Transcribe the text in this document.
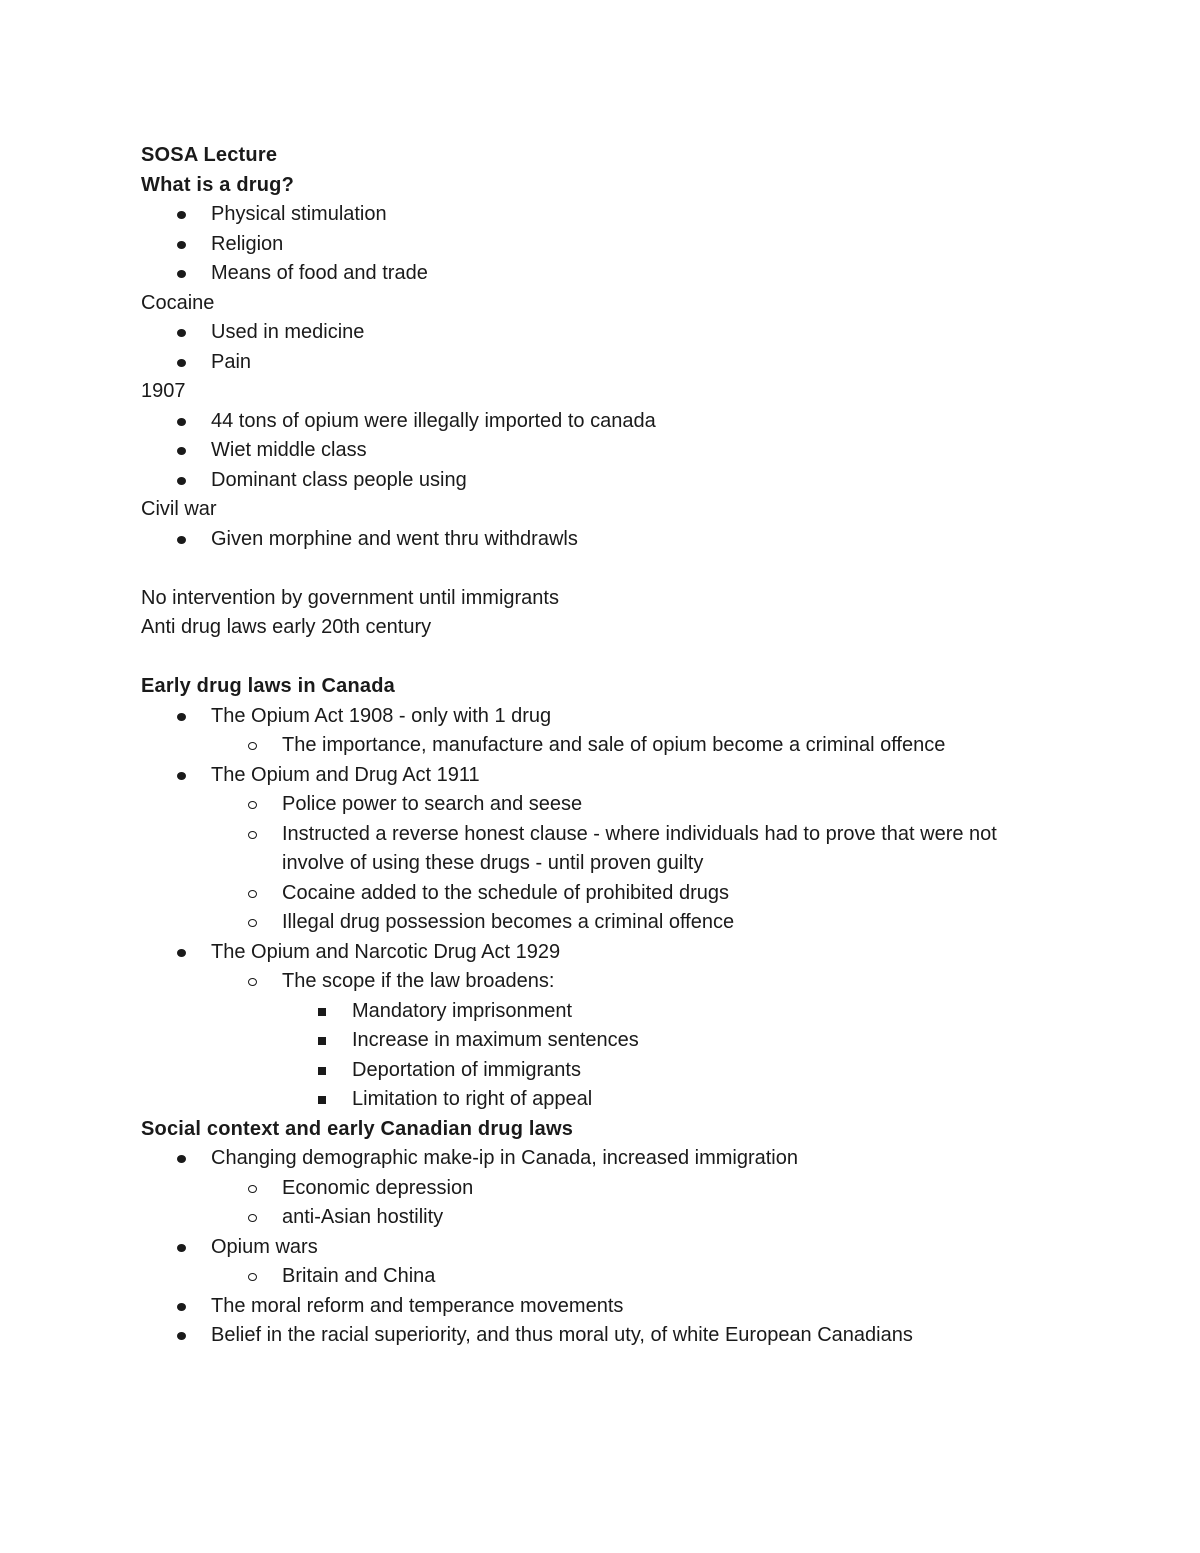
SOSA Lecture
What is a drug?
Physical stimulation
Religion
Means of food and trade
Cocaine
Used in medicine
Pain
1907
44 tons of opium were illegally imported to canada
Wiet middle class
Dominant class people using
Civil war
Given morphine and went thru withdrawls
No intervention by government until immigrants
Anti drug laws early 20th century
Early drug laws in Canada
The Opium Act 1908 - only with 1 drug
The importance, manufacture and sale of opium become a criminal offence
The Opium and Drug Act 1911
Police power to search and seese
Instructed a reverse honest clause - where individuals had to prove that were not
involve of using these drugs - until proven guilty
Cocaine added to the schedule of prohibited drugs
Illegal drug possession becomes a criminal offence
The Opium and Narcotic Drug Act 1929
The scope if the law broadens:
Mandatory imprisonment
Increase in maximum sentences
Deportation of immigrants
Limitation to right of appeal
Social context and early Canadian drug laws
Changing demographic make-ip in Canada, increased immigration
Economic depression
anti-Asian hostility
Opium wars
Britain and China
The moral reform and temperance movements
Belief in the racial superiority, and thus moral uty, of white European Canadians
